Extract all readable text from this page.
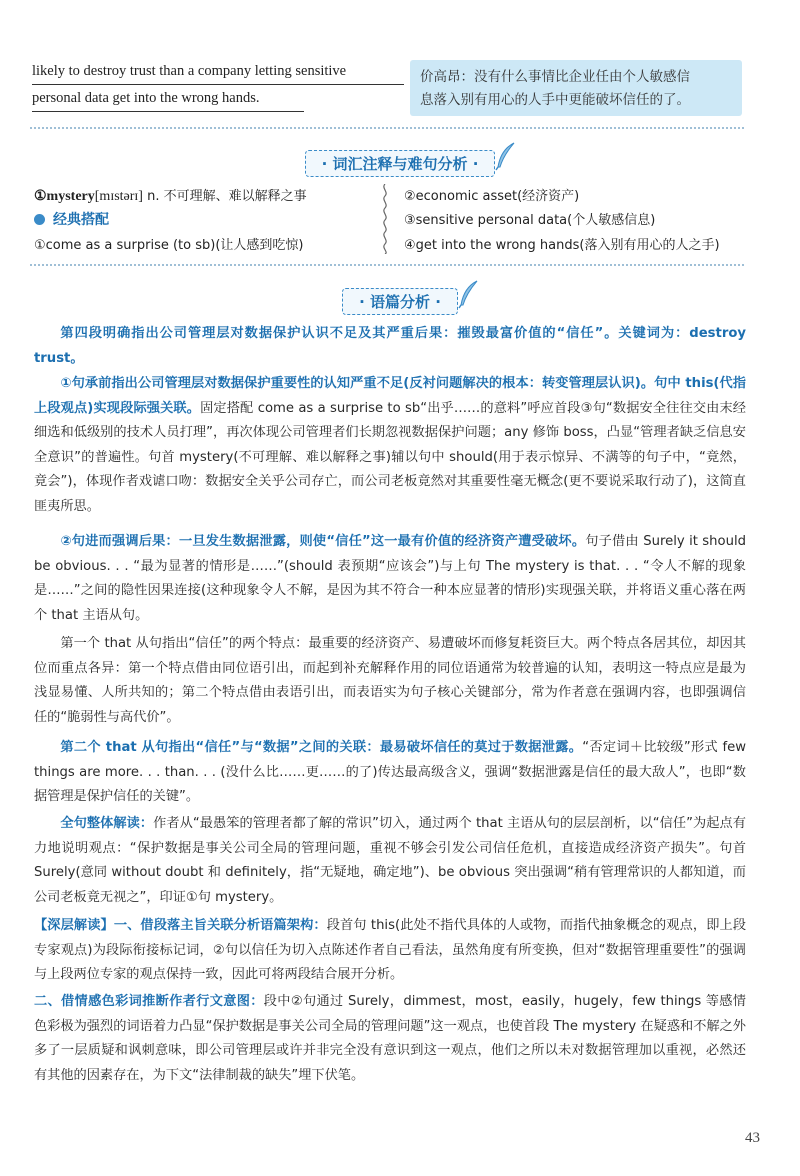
likely to destroy trust than a company letting sensitive
personal data get into the wrong hands.
价高昂：没有什么事情比企业任由个人敏感信
息落入别有用心的人手中更能破坏信任的了。
· 词汇注释与难句分析 ·
①mystery[mɪstərɪ] n. 不可理解、难以解释之事
经典搭配
①come as a surprise (to sb)(让人感到吃惊)
②economic asset(经济资产)
③sensitive personal data(个人敏感信息)
④get into the wrong hands(落入别有用心的人之手)
· 语篇分析 ·
第四段明确指出公司管理层对数据保护认识不足及其严重后果：摧毁最富价值的“信任”。关键词为：destroy trust。
①句承前指出公司管理层对数据保护重要性的认知严重不足(反衬问题解决的根本：转变管理层认识)。句中 this(代指上段观点)实现段际强关联。固定搭配 come as a surprise to sb“出乎……的意料”呼应首段③句“数据安全往往交由末经细选和低级别的技术人员打理”，再次体现公司管理者们长期忽视数据保护问题；any 修饰 boss，凸显“管理者缺乏信息安全意识”的普遍性。句首 mystery(不可理解、难以解释之事)辅以句中 should(用于表示惊异、不满等的句子中，“竟然，竟会”)，体现作者戏谑口吻：数据安全关乎公司存亡，而公司老板竟然对其重要性毫无概念(更不要说采取行动了)，这简直匪夷所思。
②句进而强调后果：一旦发生数据泄露，则使“信任”这一最有价值的经济资产遭受破坏。句子借由 Surely it should be obvious. . . “最为显著的情形是……”(should 表预期“应该会”)与上句 The mystery is that. . . “令人不解的现象是……”之间的隐性因果连接(这种现象令人不解，是因为其不符合一种本应显著的情形)实现强关联，并将语义重心落在两个 that 主语从句。
第一个 that 从句指出“信任”的两个特点：最重要的经济资产、易遭破坏而修复耗资巨大。两个特点各居其位，却因其位而重点各异：第一个特点借由同位语引出，而起到补充解释作用的同位语通常为较普遍的认知，表明这一特点应是最为浅显易懂、人所共知的；第二个特点借由表语引出，而表语实为句子核心关键部分，常为作者意在强调内容，也即强调信任的“脆弱性与高代价”。
第二个 that 从句指出“信任”与“数据”之间的关联：最易破坏信任的莫过于数据泄露。“否定词＋比较级”形式 few things are more. . . than. . . (没什么比……更……的了)传达最高级含义，强调“数据泄露是信任的最大敌人”，也即“数据管理是保护信任的关键”。
全句整体解读：作者从“最愚笨的管理者都了解的常识”切入，通过两个 that 主语从句的层层剖析，以“信任”为起点有力地说明观点：“保护数据是事关公司全局的管理问题，重视不够会引发公司信任危机，直接造成经济资产损失”。句首 Surely(意同 without doubt 和 definitely，指“无疑地，确定地”)、be obvious 突出强调“稍有管理常识的人都知道，而公司老板竟无视之”，印证①句 mystery。
【深层解读】一、借段落主旨关联分析语篇架构：段首句 this(此处不指代具体的人或物，而指代抽象概念的观点，即上段专家观点)为段际衔接标记词，②句以信任为切入点陈述作者自己看法，虽然角度有所变换，但对“数据管理重要性”的强调与上段两位专家的观点保持一致，因此可将两段结合展开分析。
二、借情感色彩词推断作者行文意图：段中②句通过 Surely，dimmest，most，easily，hugely，few things 等感情色彩极为强烈的词语着力凸显“保护数据是事关公司全局的管理问题”这一观点，也使首段 The mystery 在疑惑和不解之外多了一层质疑和讽刺意味，即公司管理层或许并非完全没有意识到这一观点，他们之所以未对数据管理加以重视，必然还有其他的因素存在，为下文“法律制裁的缺失”埋下伏笔。
43
